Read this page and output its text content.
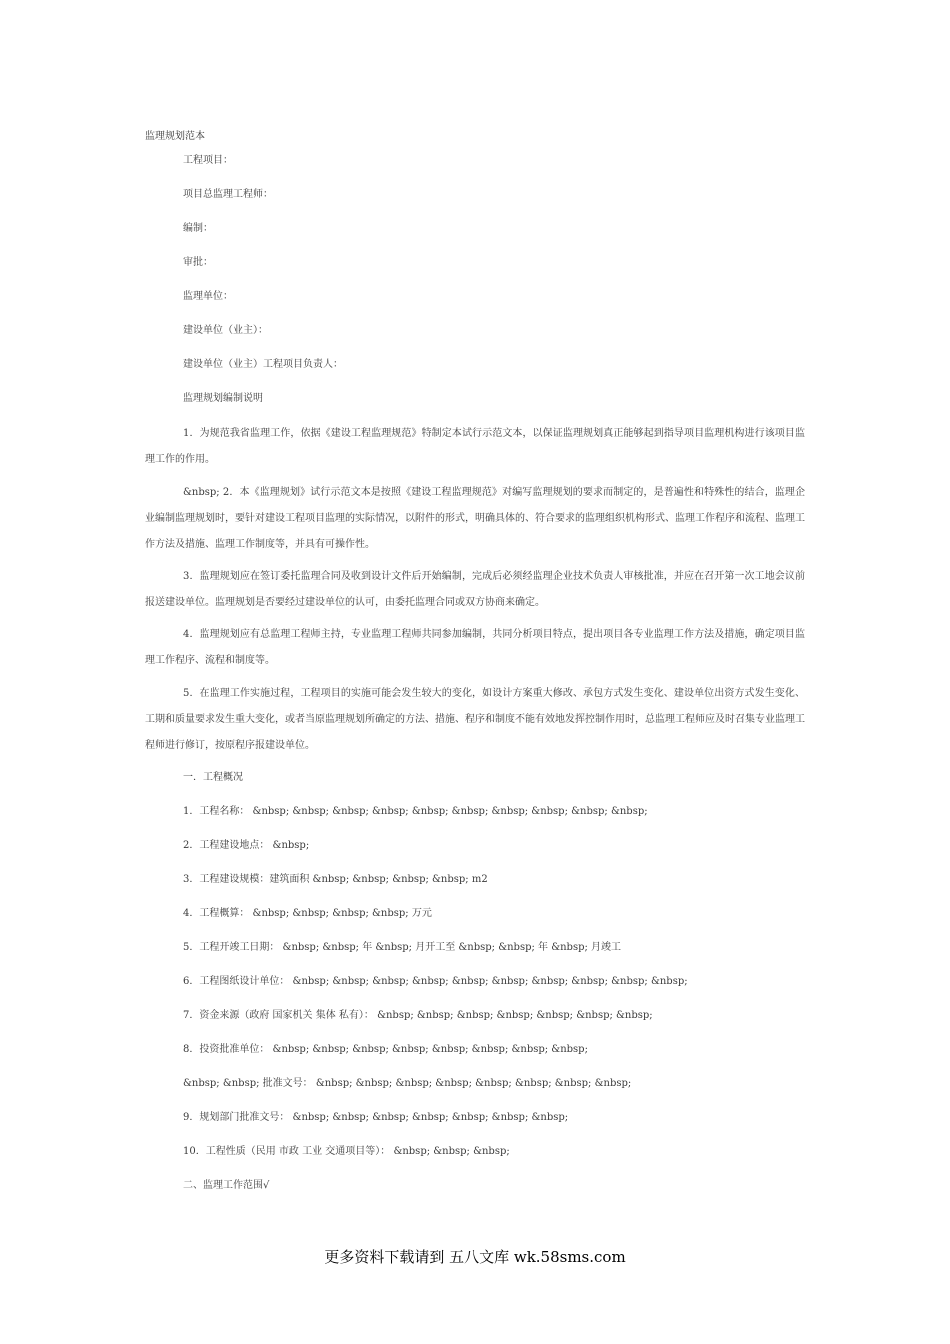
监理规划范本
工程项目：
项目总监理工程师：
编制：
审批：
监理单位：
建设单位（业主）：
建设单位（业主）工程项目负责人：
监理规划编制说明
1．为规范我省监理工作，依据《建设工程监理规范》特制定本试行示范文本，以保证监理规划真正能够起到指导项目监理机构进行该项目监理工作的作用。
&nbsp; 2．本《监理规划》试行示范文本是按照《建设工程监理规范》对编写监理规划的要求而制定的，是普遍性和特殊性的结合，监理企业编制监理规划时，要针对建设工程项目监理的实际情况，以附件的形式，明确具体的、符合要求的监理组织机构形式、监理工作程序和流程、监理工作方法及措施、监理工作制度等，并具有可操作性。
3．监理规划应在签订委托监理合同及收到设计文件后开始编制，完成后必须经监理企业技术负责人审核批准，并应在召开第一次工地会议前报送建设单位。监理规划是否要经过建设单位的认可，由委托监理合同或双方协商来确定。
4．监理规划应有总监理工程师主持，专业监理工程师共同参加编制，共同分析项目特点，提出项目各专业监理工作方法及措施，确定项目监理工作程序、流程和制度等。
5．在监理工作实施过程，工程项目的实施可能会发生较大的变化，如设计方案重大修改、承包方式发生变化、建设单位出资方式发生变化、工期和质量要求发生重大变化，或者当原监理规划所确定的方法、措施、程序和制度不能有效地发挥控制作用时，总监理工程师应及时召集专业监理工程师进行修订，按原程序报建设单位。
一．工程概况
1．工程名称： &nbsp; &nbsp; &nbsp; &nbsp; &nbsp; &nbsp; &nbsp; &nbsp; &nbsp; &nbsp;
2．工程建设地点： &nbsp;
3．工程建设规模：建筑面积 &nbsp; &nbsp; &nbsp; &nbsp; m2
4．工程概算： &nbsp; &nbsp; &nbsp; &nbsp; 万元
5．工程开竣工日期： &nbsp; &nbsp; 年 &nbsp; 月开工至 &nbsp; &nbsp; 年 &nbsp; 月竣工
6．工程图纸设计单位： &nbsp; &nbsp; &nbsp; &nbsp; &nbsp; &nbsp; &nbsp; &nbsp; &nbsp; &nbsp;
7．资金来源（政府 国家机关 集体 私有）： &nbsp; &nbsp; &nbsp; &nbsp; &nbsp; &nbsp; &nbsp;
8．投资批准单位： &nbsp; &nbsp; &nbsp; &nbsp; &nbsp; &nbsp; &nbsp; &nbsp;
&nbsp; &nbsp; 批准文号： &nbsp; &nbsp; &nbsp; &nbsp; &nbsp; &nbsp; &nbsp; &nbsp;
9．规划部门批准文号： &nbsp; &nbsp; &nbsp; &nbsp; &nbsp; &nbsp; &nbsp;
10．工程性质（民用 市政 工业 交通项目等）： &nbsp; &nbsp; &nbsp;
二、监理工作范围√
更多资料下载请到 五八文库 wk.58sms.com
